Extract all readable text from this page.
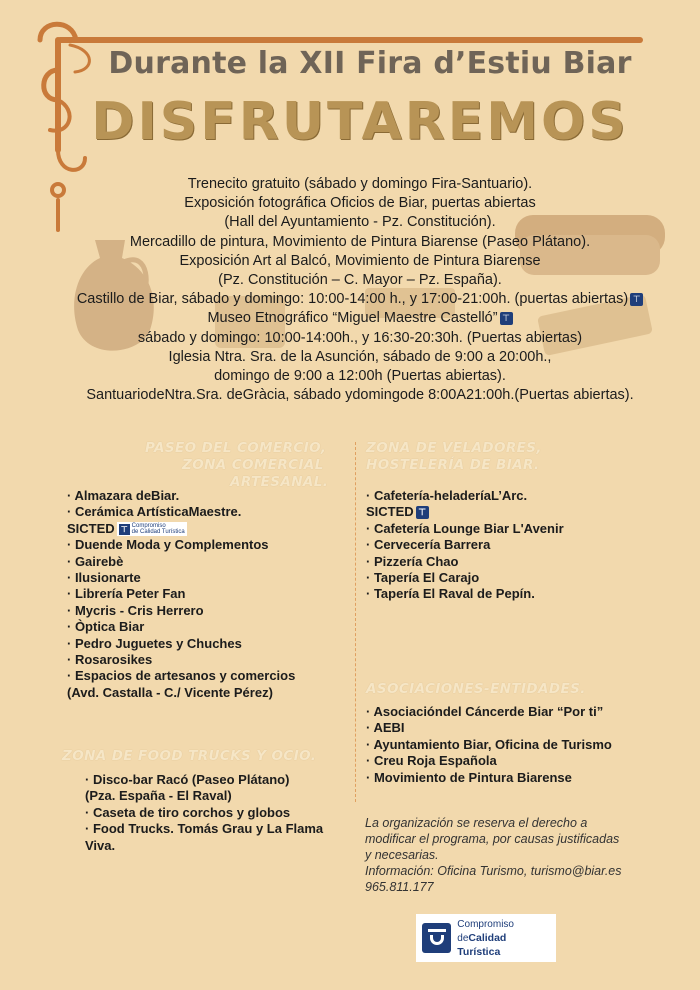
Durante la XII Fira d’Estiu Biar
DISFRUTAREMOS
Trenecito gratuito (sábado y domingo Fira-Santuario).
Exposición fotográfica Oficios de Biar, puertas abiertas
(Hall del Ayuntamiento - Pz. Constitución).
Mercadillo de pintura, Movimiento de Pintura Biarense (Paseo Plátano).
Exposición Art al Balcó, Movimiento de Pintura Biarense
(Pz. Constitución – C. Mayor – Pz. España).
Castillo de Biar, sábado y domingo: 10:00-14:00 h., y 17:00-21:00h. (puertas abiertas) ⊤
Museo Etnográfico “Miguel Maestre Castelló” ⊤
sábado y domingo: 10:00-14:00h., y 16:30-20:30h. (Puertas abiertas)
Iglesia Ntra. Sra. de la Asunción, sábado de 9:00 a 20:00h.,
domingo de 9:00 a 12:00h (Puertas abiertas).
SantuariodeNtra.Sra. deGràcia, sábado ydomingode 8:00A21:00h.(Puertas abiertas).
PASEO DEL COMERCIO,
ZONA COMERCIAL
ARTESANAL.
· Almazara deBiar.
· Cerámica ArtísticaMaestre.
SICTED ⊤ Compromiso
de Calidad Turística
· Duende Moda y Complementos
· Gairebè
· Ilusionarte
· Librería Peter Fan
· Mycris - Cris Herrero
· Òptica Biar
· Pedro Juguetes y Chuches
· Rosarosikes
· Espacios de artesanos y comercios
(Avd. Castalla - C./ Vicente Pérez)
ZONA DE FOOD TRUCKS Y OCIO.
· Disco-bar Racó (Paseo Plátano)
(Pza. España - El Raval)
· Caseta de tiro corchos y globos
· Food Trucks. Tomás Grau y La Flama
Viva.
ZONA DE VELADORES,
HOSTELERÍA DE BIAR.
· Cafetería-heladeríaL’Arc.
SICTED ⊤
· Cafetería Lounge Biar L'Avenir
· Cervecería Barrera
· Pizzería Chao
· Tapería El Carajo
· Tapería El Raval de Pepín.
ASOCIACIONES-ENTIDADES.
· Asociacióndel Cáncerde Biar “Por ti”
· AEBI
· Ayuntamiento Biar, Oficina de Turismo
· Creu Roja Española
· Movimiento de Pintura Biarense
La organización se reserva el derecho a
modificar el programa, por causas justificadas
y necesarias.
Información: Oficina Turismo, turismo@biar.es
965.811.177
Compromiso
deCalidad Turística
